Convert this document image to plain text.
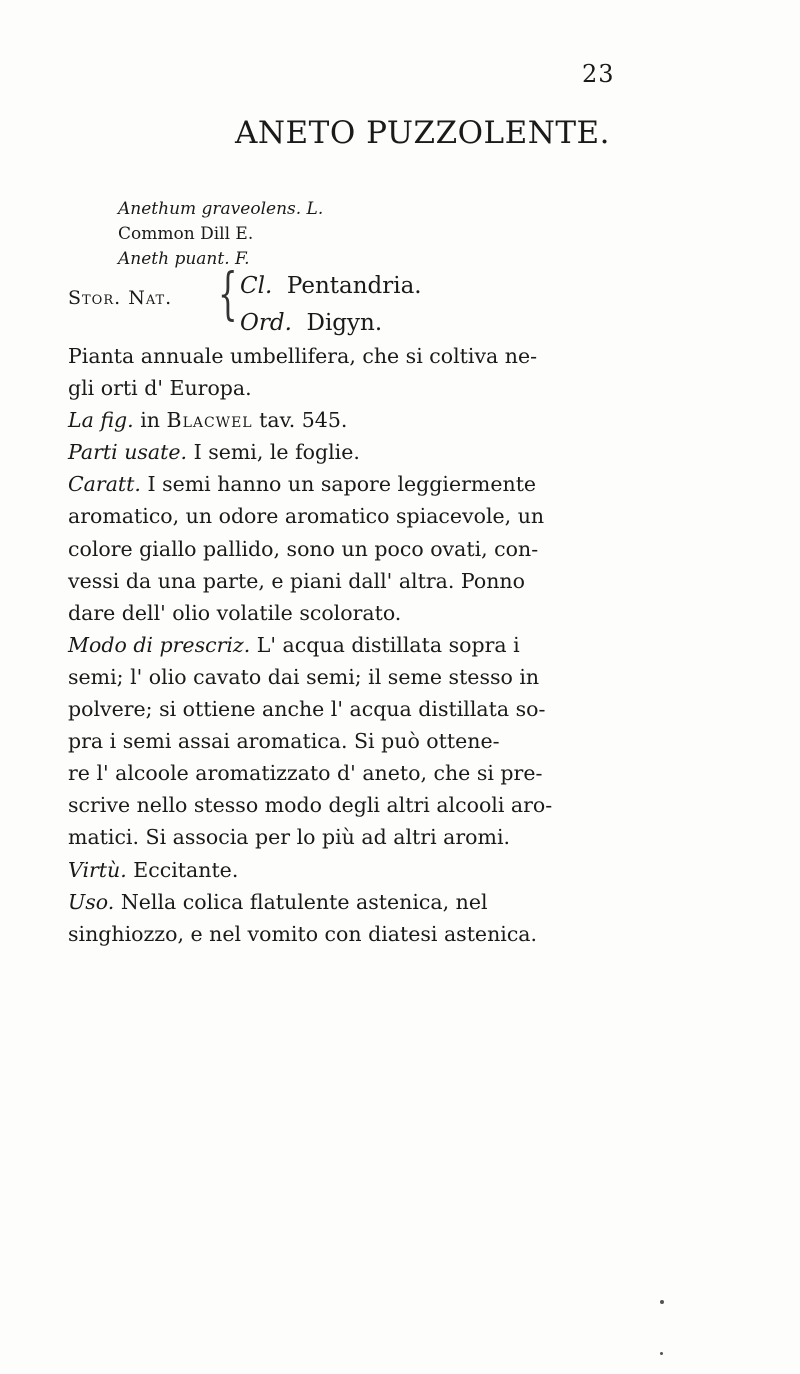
23
ANETO PUZZOLENTE.
Anethum graveolens. L.
Common Dill E.
Aneth puant. F.
Stor. Nat. { Cl. Pentandria.
Ord. Digyn.
Pianta annuale umbellifera, che si coltiva ne-
gli orti d' Europa.
La fig. in Blacwel tav. 545.
Parti usate. I semi, le foglie.
Caratt. I semi hanno un sapore leggiermente
aromatico, un odore aromatico spiacevole, un
colore giallo pallido, sono un poco ovati, con-
vessi da una parte, e piani dall' altra. Ponno
dare dell' olio volatile scolorato.
Modo di prescriz. L' acqua distillata sopra i
semi; l' olio cavato dai semi; il seme stesso in
polvere; si ottiene anche l' acqua distillata so-
pra i semi assai aromatica. Si può ottene-
re l' alcoole aromatizzato d' aneto, che si pre-
scrive nello stesso modo degli altri alcooli aro-
matici. Si associa per lo più ad altri aromi.
Virtù. Eccitante.
Uso. Nella colica flatulente astenica, nel
singhiozzo, e nel vomito con diatesi astenica.
